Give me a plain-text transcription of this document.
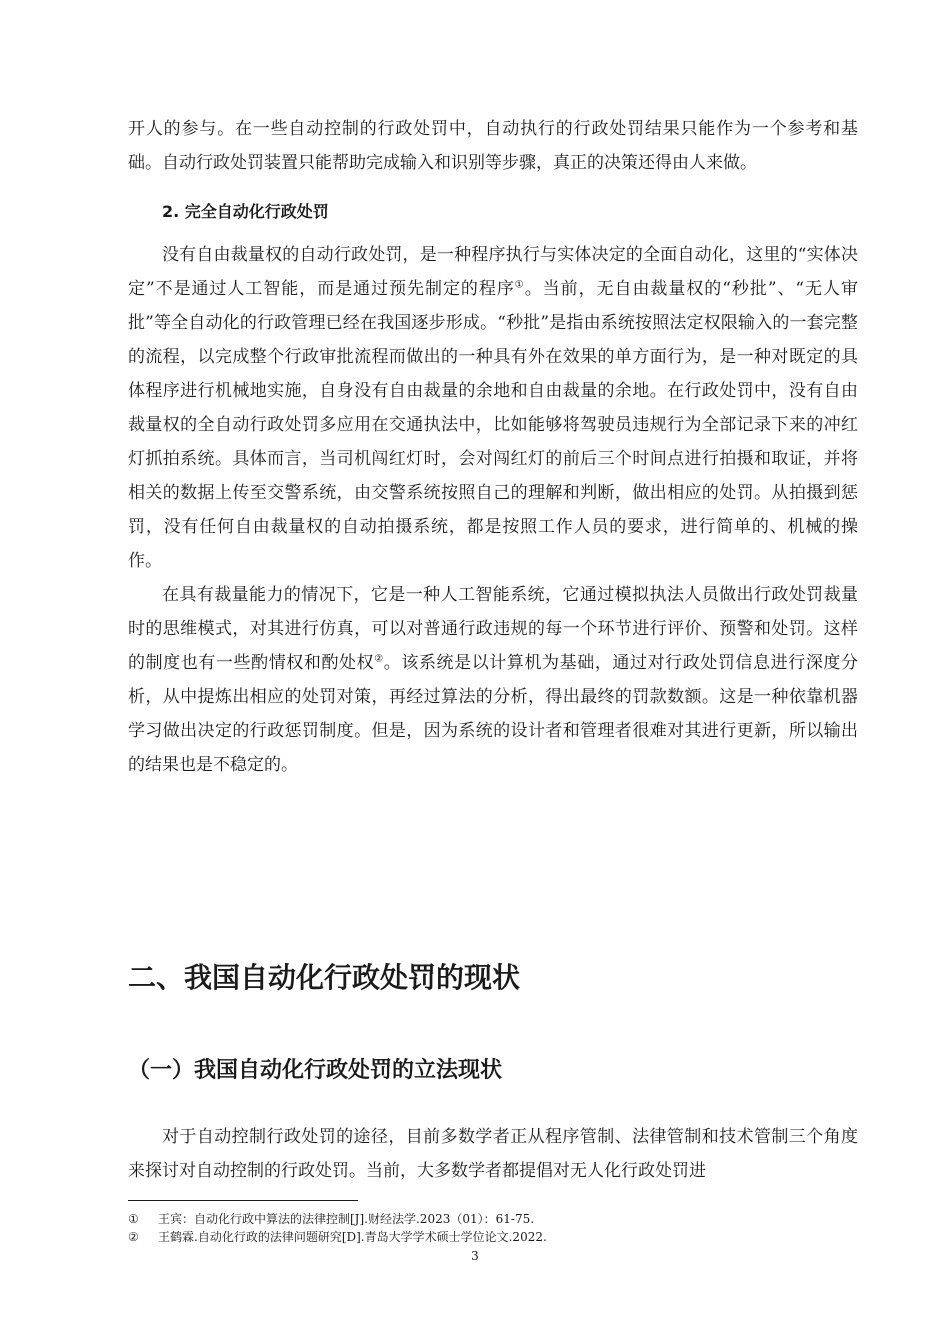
开人的参与。在一些自动控制的行政处罚中，自动执行的行政处罚结果只能作为一个参考和基础。自动行政处罚装置只能帮助完成输入和识别等步骤，真正的决策还得由人来做。

2. 完全自动化行政处罚

没有自由裁量权的自动行政处罚，是一种程序执行与实体决定的全面自动化，这里的“实体决定”不是通过人工智能，而是通过预先制定的程序①。当前，无自由裁量权的“秒批”、“无人审批”等全自动化的行政管理已经在我国逐步形成。“秒批”是指由系统按照法定权限输入的一套完整的流程，以完成整个行政审批流程而做出的一种具有外在效果的单方面行为，是一种对既定的具体程序进行机械地实施，自身没有自由裁量的余地和自由裁量的余地。在行政处罚中，没有自由裁量权的全自动行政处罚多应用在交通执法中，比如能够将驾驶员违规行为全部记录下来的冲红灯抓拍系统。具体而言，当司机闯红灯时，会对闯红灯的前后三个时间点进行拍摄和取证，并将相关的数据上传至交警系统，由交警系统按照自己的理解和判断，做出相应的处罚。从拍摄到惩罚，没有任何自由裁量权的自动拍摄系统，都是按照工作人员的要求，进行简单的、机械的操作。

在具有裁量能力的情况下，它是一种人工智能系统，它通过模拟执法人员做出行政处罚裁量时的思维模式，对其进行仿真，可以对普通行政违规的每一个环节进行评价、预警和处罚。这样的制度也有一些酌情权和酌处权②。该系统是以计算机为基础，通过对行政处罚信息进行深度分析，从中提炼出相应的处罚对策，再经过算法的分析，得出最终的罚款数额。这是一种依靠机器学习做出决定的行政惩罚制度。但是，因为系统的设计者和管理者很难对其进行更新，所以输出的结果也是不稳定的。

二、我国自动化行政处罚的现状
（一）我国自动化行政处罚的立法现状

对于自动控制行政处罚的途径，目前多数学者正从程序管制、法律管制和技术管制三个角度来探讨对自动控制的行政处罚。当前，大多数学者都提倡对无人化行政处罚进

① 王宾：自动化行政中算法的法律控制[J].财经法学.2023（01）：61-75.

② 王鹤霖.自动化行政的法律问题研究[D].青岛大学学术硕士学位论文.2022.

3
